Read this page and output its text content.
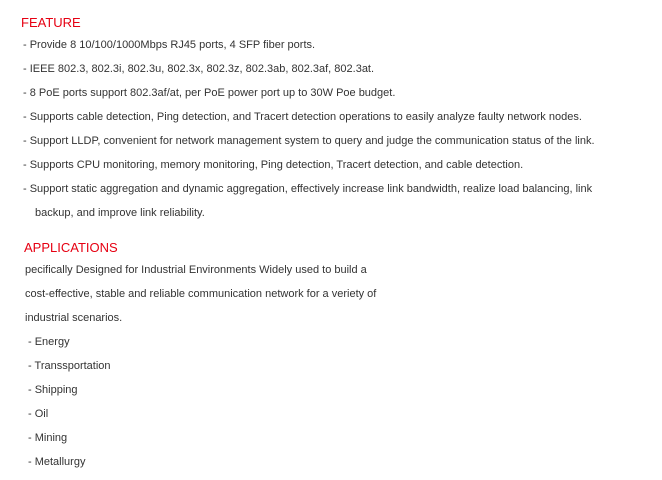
FEATURE
- Provide 8 10/100/1000Mbps RJ45 ports, 4 SFP fiber ports.
- IEEE 802.3, 802.3i, 802.3u, 802.3x, 802.3z, 802.3ab, 802.3af, 802.3at.
- 8 PoE ports support 802.3af/at, per PoE power port up to 30W Poe budget.
- Supports cable detection, Ping detection, and Tracert detection operations to easily analyze faulty network nodes.
- Support LLDP, convenient for network management system to query and judge the communication status of the link.
- Supports CPU monitoring, memory monitoring, Ping detection, Tracert detection, and cable detection.
- Support static aggregation and dynamic aggregation, effectively increase link bandwidth, realize load balancing, link
backup, and improve link reliability.
APPLICATIONS
pecifically Designed for Industrial Environments Widely used to build a
cost-effective, stable and reliable communication network for a veriety of
industrial scenarios.
- Energy
- Transsportation
- Shipping
- Oil
- Mining
- Metallurgy
